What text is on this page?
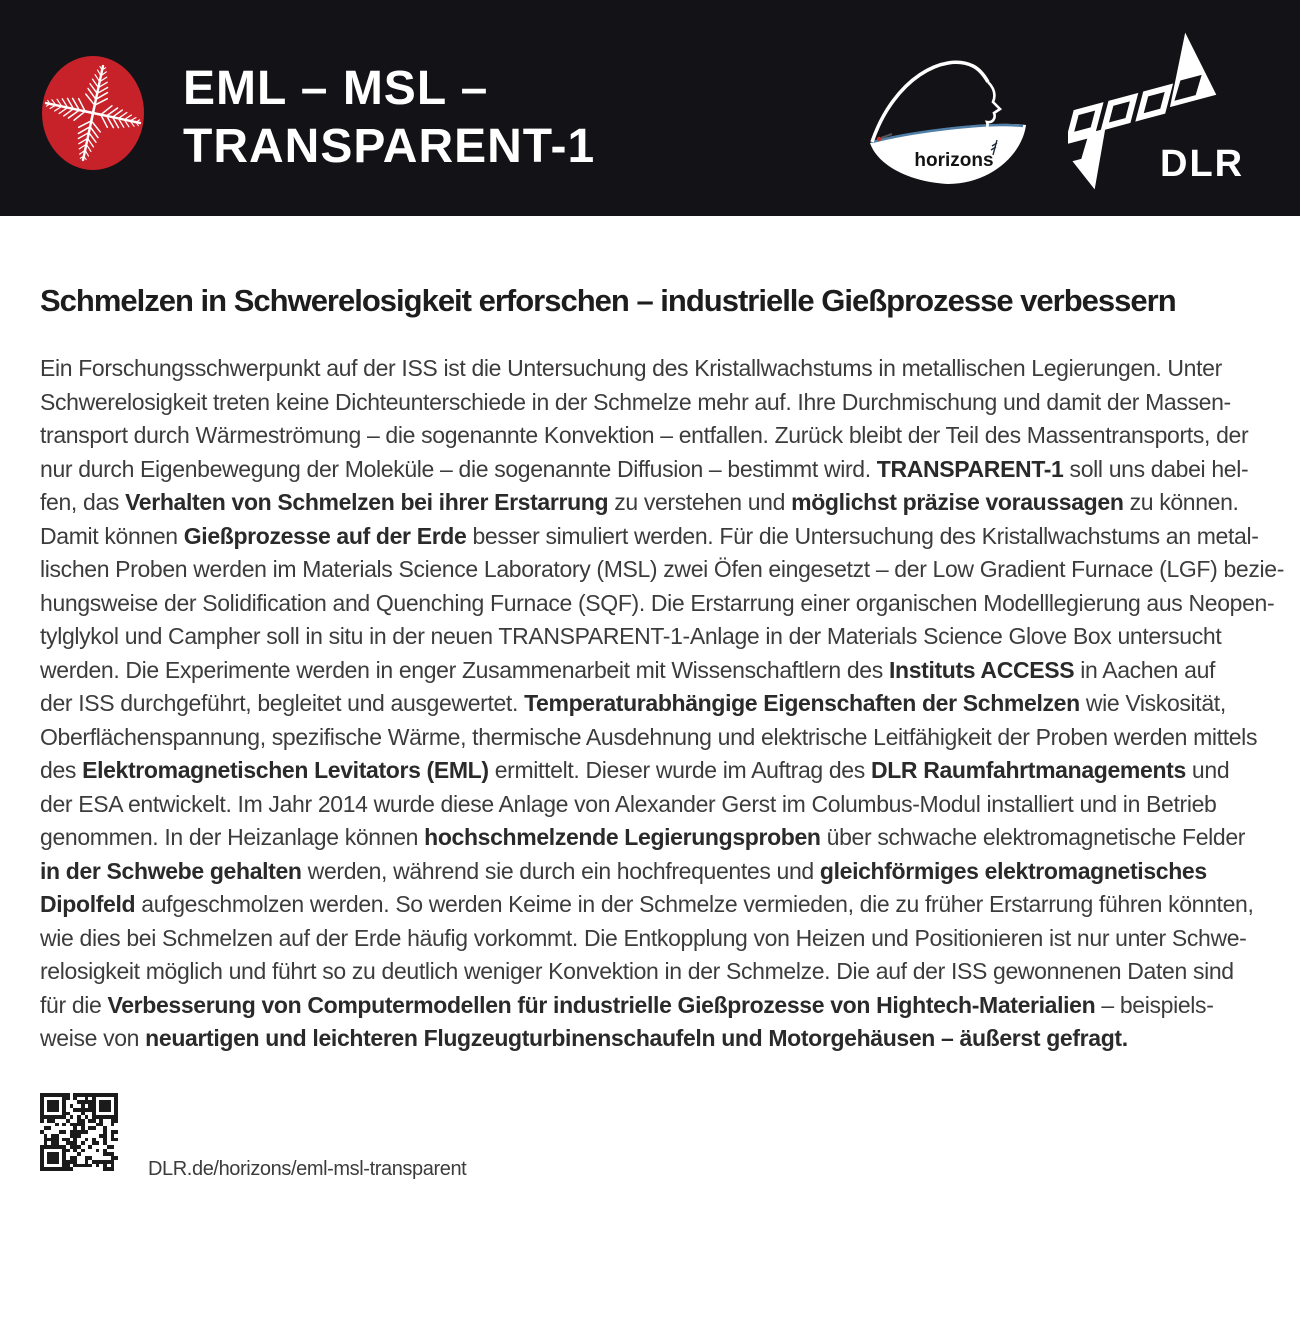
EML – MSL –
TRANSPARENT-1	horizons	DLR
Schmelzen in Schwerelosigkeit erforschen – industrielle Gießprozesse verbessern
Ein Forschungsschwerpunkt auf der ISS ist die Untersuchung des Kristallwachstums in metallischen Legierungen. Unter
Schwerelosigkeit treten keine Dichteunterschiede in der Schmelze mehr auf. Ihre Durchmischung und damit der Massen-
transport durch Wärmeströmung – die sogenannte Konvektion – entfallen. Zurück bleibt der Teil des Massentransports, der
nur durch Eigenbewegung der Moleküle – die sogenannte Diffusion – bestimmt wird. TRANSPARENT-1 soll uns dabei hel-
fen, das Verhalten von Schmelzen bei ihrer Erstarrung zu verstehen und möglichst präzise voraussagen zu können.
Damit können Gießprozesse auf der Erde besser simuliert werden. Für die Untersuchung des Kristallwachstums an metal-
lischen Proben werden im Materials Science Laboratory (MSL) zwei Öfen eingesetzt – der Low Gradient Furnace (LGF) bezie-
hungsweise der Solidification and Quenching Furnace (SQF). Die Erstarrung einer organischen Modelllegierung aus Neopen-
tylglykol und Campher soll in situ in der neuen TRANSPARENT-1-Anlage in der Materials Science Glove Box untersucht
werden. Die Experimente werden in enger Zusammenarbeit mit Wissenschaftlern des Instituts ACCESS in Aachen auf
der ISS durchgeführt, begleitet und ausgewertet. Temperaturabhängige Eigenschaften der Schmelzen wie Viskosität,
Oberflächenspannung, spezifische Wärme, thermische Ausdehnung und elektrische Leitfähigkeit der Proben werden mittels
des Elektromagnetischen Levitators (EML) ermittelt. Dieser wurde im Auftrag des DLR Raumfahrtmanagements und
der ESA entwickelt. Im Jahr 2014 wurde diese Anlage von Alexander Gerst im Columbus-Modul installiert und in Betrieb
genommen. In der Heizanlage können hochschmelzende Legierungsproben über schwache elektromagnetische Felder
in der Schwebe gehalten werden, während sie durch ein hochfrequentes und gleichförmiges elektromagnetisches
Dipolfeld aufgeschmolzen werden. So werden Keime in der Schmelze vermieden, die zu früher Erstarrung führen könnten,
wie dies bei Schmelzen auf der Erde häufig vorkommt. Die Entkopplung von Heizen und Positionieren ist nur unter Schwe-
relosigkeit möglich und führt so zu deutlich weniger Konvektion in der Schmelze. Die auf der ISS gewonnenen Daten sind
für die Verbesserung von Computermodellen für industrielle Gießprozesse von Hightech-Materialien – beispiels-
weise von neuartigen und leichteren Flugzeugturbinenschaufeln und Motorgehäusen – äußerst gefragt.
DLR.de/horizons/eml-msl-transparent
